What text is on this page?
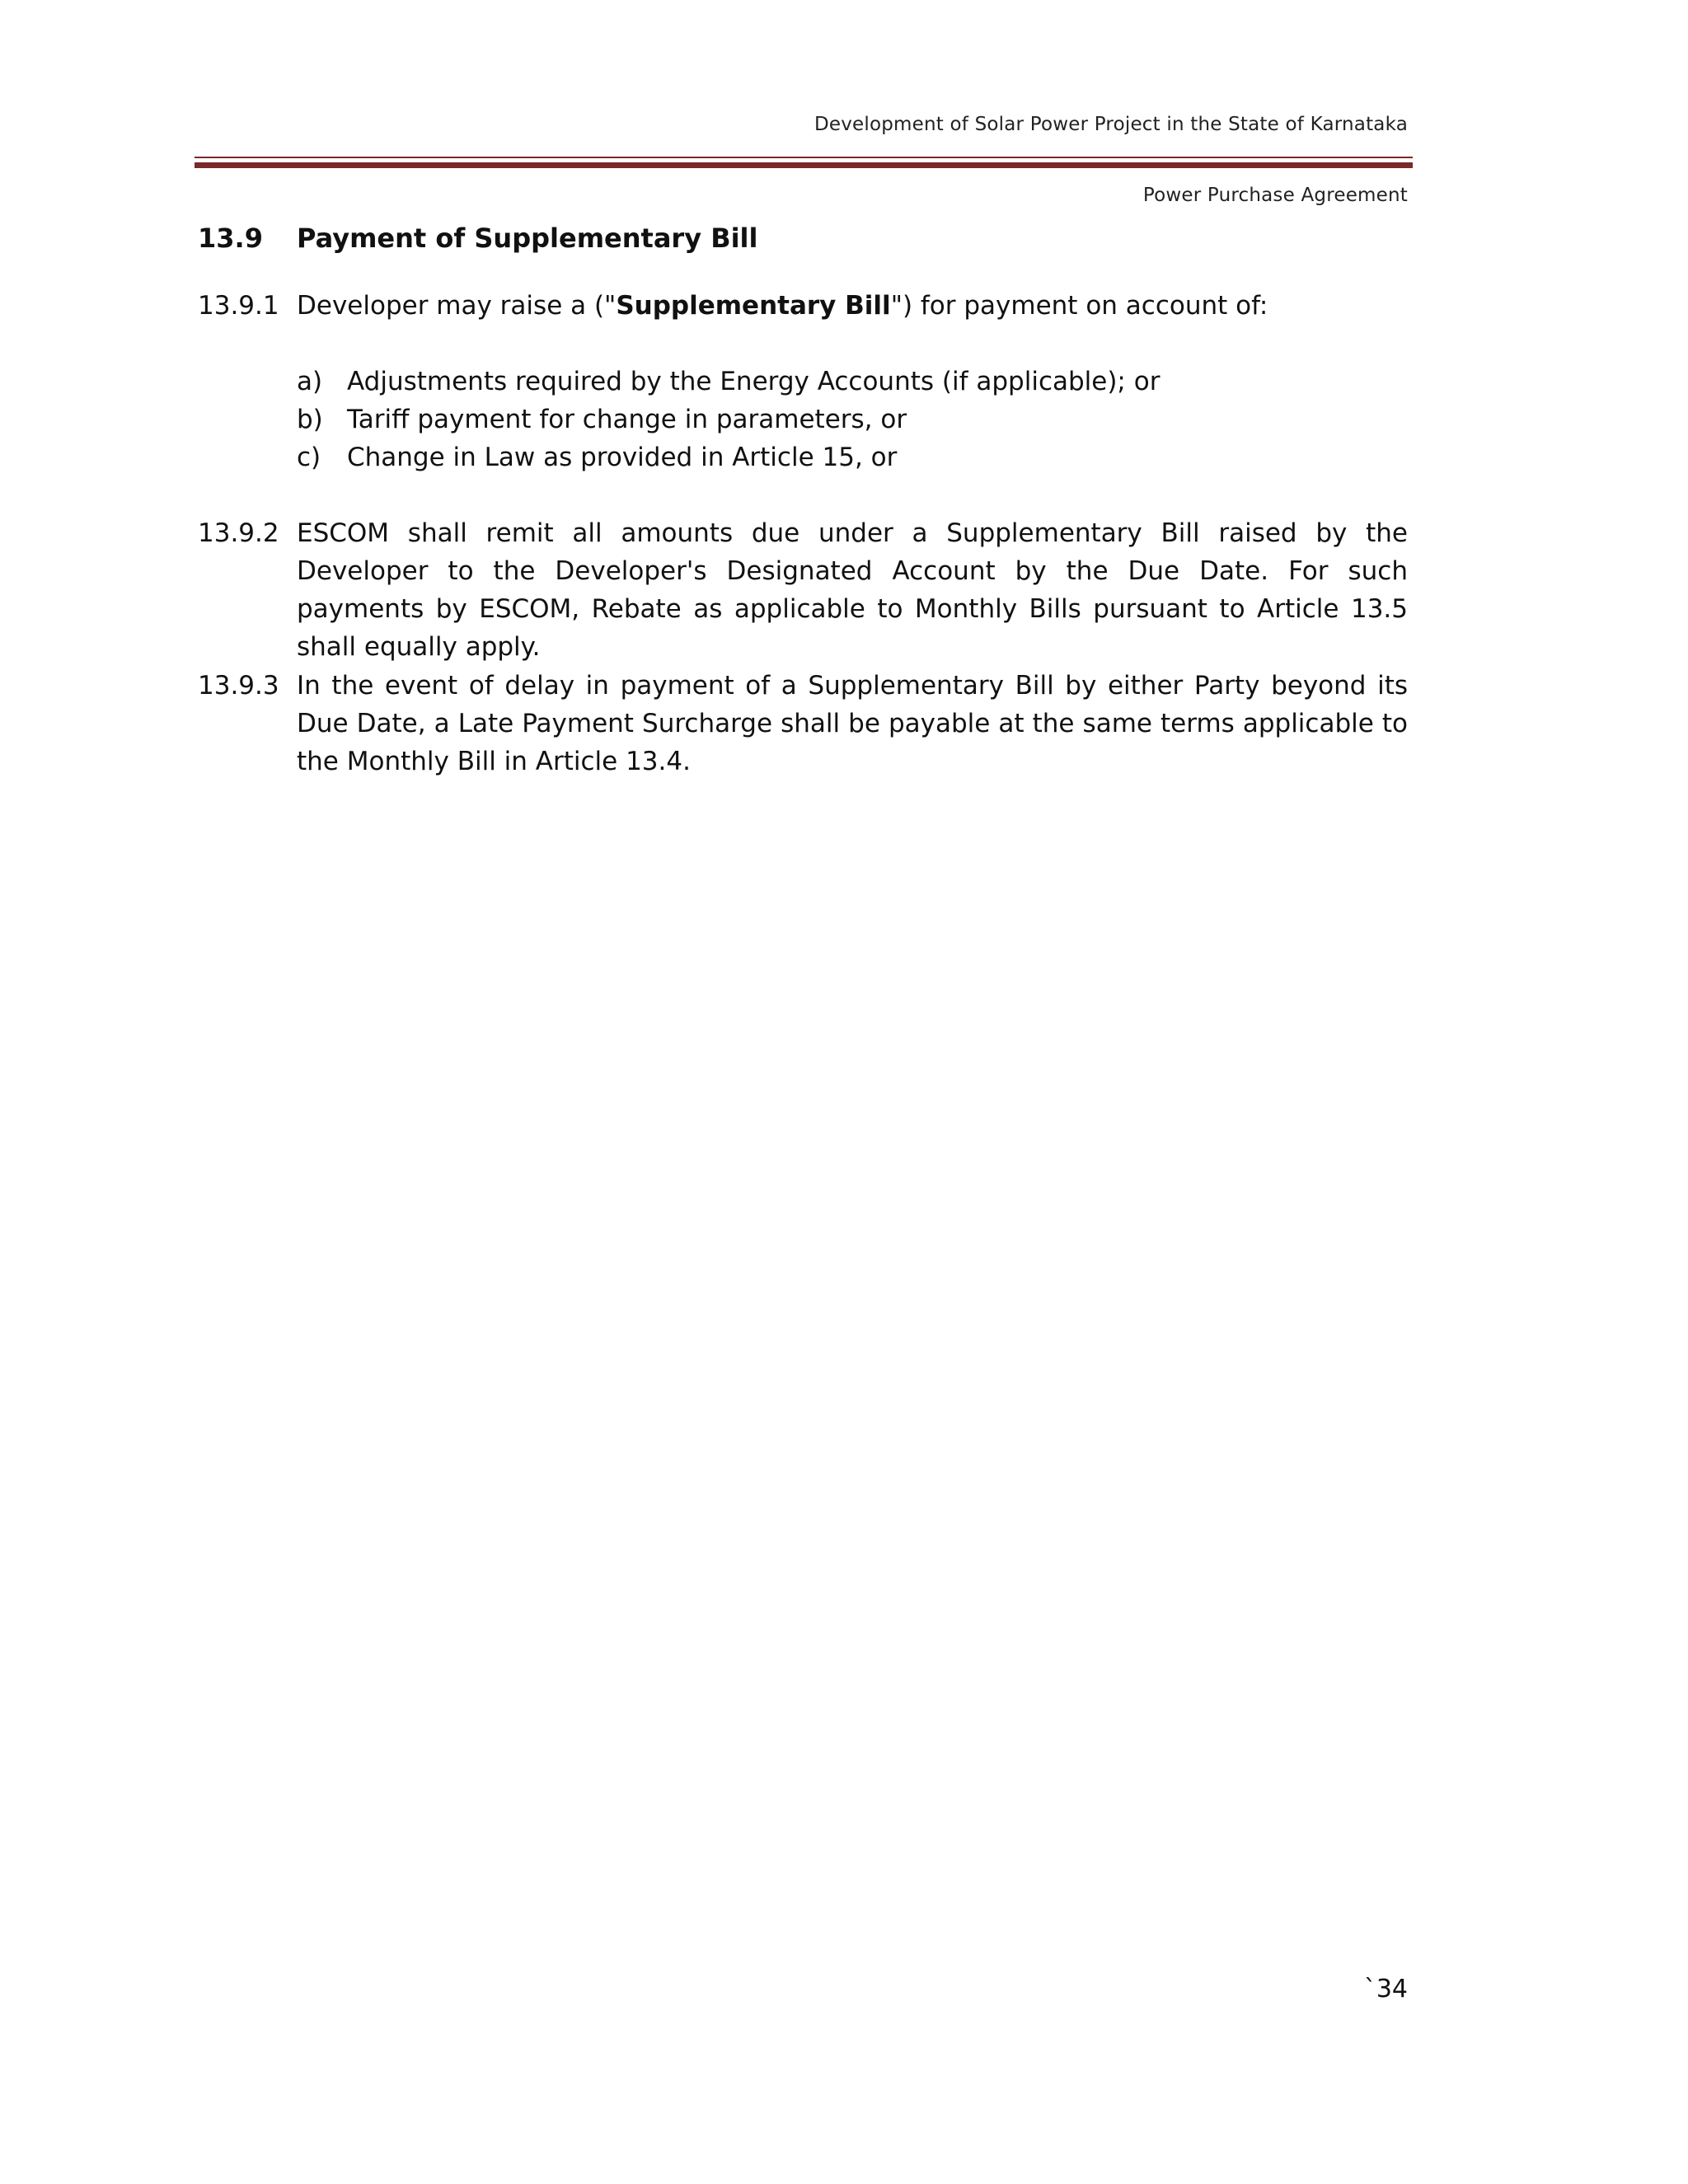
Development of Solar Power Project in the State of Karnataka
Power Purchase Agreement
13.9 Payment of Supplementary Bill
13.9.1 Developer may raise a ("Supplementary Bill") for payment on account of:
a) Adjustments required by the Energy Accounts (if applicable); or
b) Tariff payment for change in parameters, or
c) Change in Law as provided in Article 15, or
13.9.2 ESCOM shall remit all amounts due under a Supplementary Bill raised by the Developer to the Developer's Designated Account by the Due Date. For such payments by ESCOM, Rebate as applicable to Monthly Bills pursuant to Article 13.5 shall equally apply.
13.9.3 In the event of delay in payment of a Supplementary Bill by either Party beyond its Due Date, a Late Payment Surcharge shall be payable at the same terms applicable to the Monthly Bill in Article 13.4.
`34
